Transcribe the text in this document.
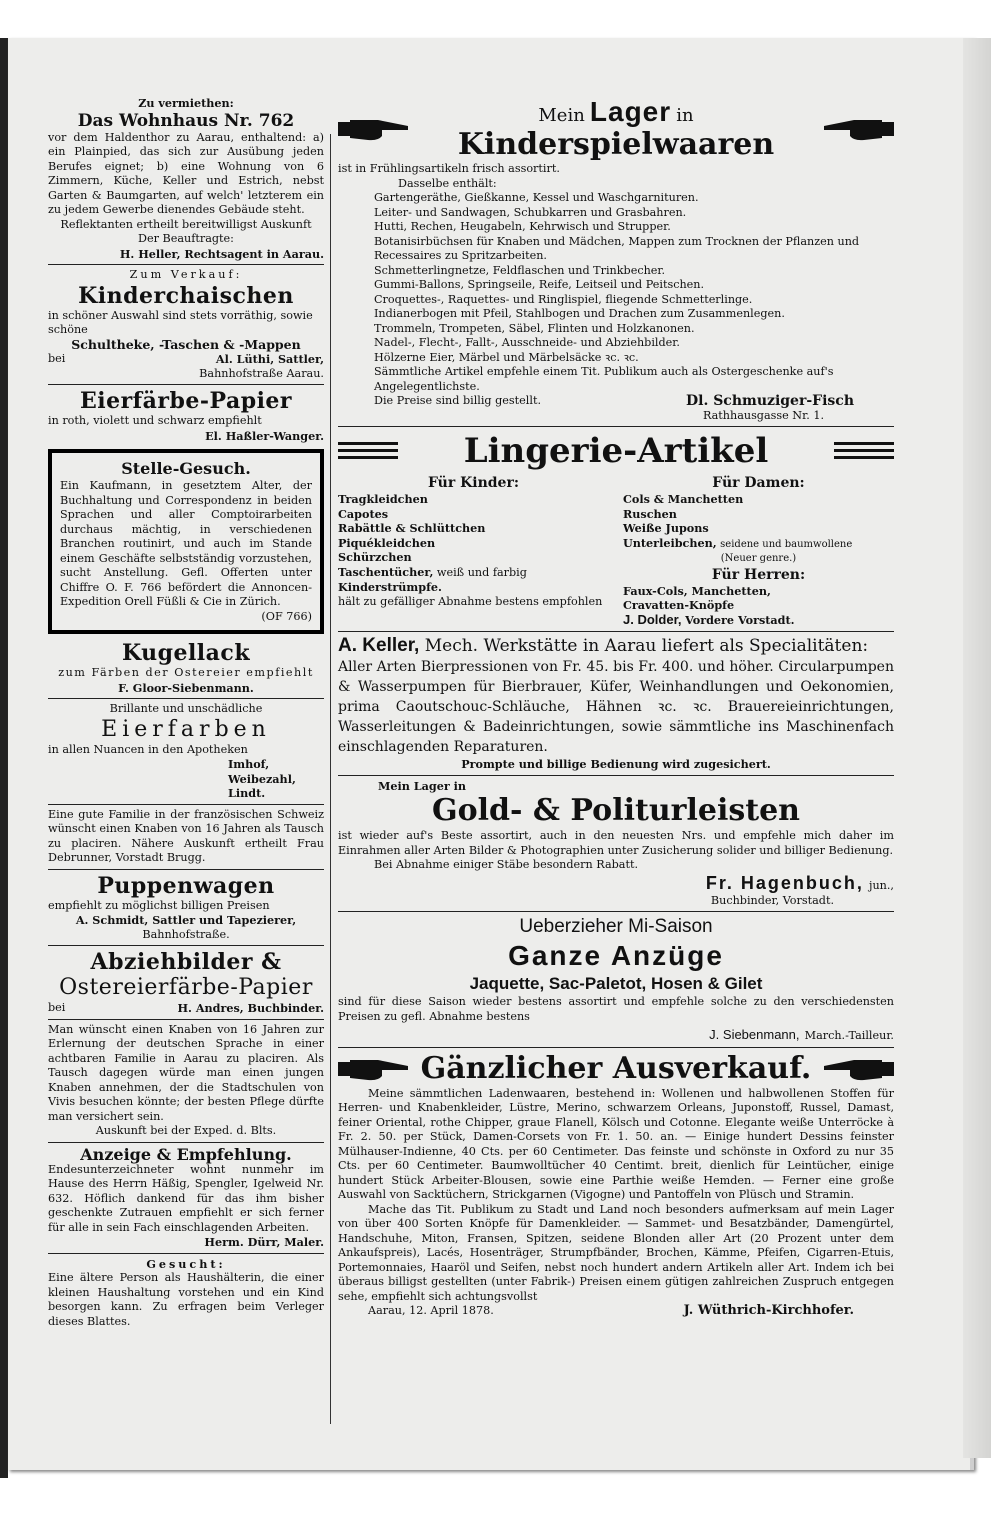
Zu vermiethen:

Das Wohnhaus Nr. 762

vor dem Haldenthor zu Aarau, enthaltend: a) ein Plainpied, das sich zur Ausübung jeden Berufes eignet; b) eine Wohnung von 6 Zimmern, Küche, Keller und Estrich, nebst Garten & Baumgarten, auf welch' letzterem ein zu jedem Gewerbe dienendes Gebäude steht.

Reflektanten ertheilt bereitwilligst Auskunft

Der Beauftragte:

H. Heller, Rechtsagent in Aarau.

Zum Verkauf:

Kinderchaischen

in schöner Auswahl sind stets vorräthig, sowie schöne

Schultheke, -Taschen & -Mappen

bei	Al. Lüthi, Sattler,

Bahnhofstraße Aarau.

Eierfärbe-Papier

in roth, violett und schwarz empfiehlt

El. Haßler-Wanger.

Stelle-Gesuch.

Ein Kaufmann, in gesetztem Alter, der Buchhaltung und Correspondenz in beiden Sprachen und aller Comptoirarbeiten durchaus mächtig, in verschiedenen Branchen routinirt, und auch im Stande einem Geschäfte selbstständig vorzustehen, sucht Anstellung. Gefl. Offerten unter Chiffre O. F. 766 befördert die Annoncen-Expedition Orell Füßli & Cie in Zürich.

(OF 766)

Kugellack

zum Färben der Ostereier empfiehlt

F. Gloor-Siebenmann.

Brillante und unschädliche

Eierfarben

in allen Nuancen in den Apotheken

Imhof,

Weibezahl,

Lindt.

Eine gute Familie in der französischen Schweiz wünscht einen Knaben von 16 Jahren als Tausch zu placiren. Nähere Auskunft ertheilt Frau Debrunner, Vorstadt Brugg.

Puppenwagen

empfiehlt zu möglichst billigen Preisen

A. Schmidt, Sattler und Tapezierer,

Bahnhofstraße.

Abziehbilder &

Ostereierfärbe-Papier

bei	H. Andres, Buchbinder.

Man wünscht einen Knaben von 16 Jahren zur Erlernung der deutschen Sprache in einer achtbaren Familie in Aarau zu placiren. Als Tausch dagegen würde man einen jungen Knaben annehmen, der die Stadtschulen von Vivis besuchen könnte; der besten Pflege dürfte man versichert sein.

Auskunft bei der Exped. d. Blts.

Anzeige & Empfehlung.

Endesunterzeichneter wohnt nunmehr im Hause des Herrn Häßig, Spengler, Igelweid Nr. 632. Höflich dankend für das ihm bisher geschenkte Zutrauen empfiehlt er sich ferner für alle in sein Fach einschlagenden Arbeiten.

Herm. Dürr, Maler.

Gesucht:

Eine ältere Person als Haushälterin, die einer kleinen Haushaltung vorstehen und ein Kind besorgen kann. Zu erfragen beim Verleger dieses Blattes.

Mein Lager in

Kinderspielwaaren

ist in Frühlingsartikeln frisch assortirt.

Dasselbe enthält:

Gartengeräthe, Gießkanne, Kessel und Waschgarnituren.

Leiter- und Sandwagen, Schubkarren und Grasbahren.

Hutti, Rechen, Heugabeln, Kehrwisch und Strupper.

Botanisirbüchsen für Knaben und Mädchen, Mappen zum Trocknen der Pflanzen und Recessaires zu Spritzarbeiten.

Schmetterlingnetze, Feldflaschen und Trinkbecher.

Gummi-Ballons, Springseile, Reife, Leitseil und Peitschen.

Croquettes-, Raquettes- und Ringlispiel, fliegende Schmetterlinge.

Indianerbogen mit Pfeil, Stahlbogen und Drachen zum Zusammenlegen.

Trommeln, Trompeten, Säbel, Flinten und Holzkanonen.

Nadel-, Flecht-, Fallt-, Ausschneide- und Abziehbilder.

Hölzerne Eier, Märbel und Märbelsäcke ꝛc. ꝛc.

Sämmtliche Artikel empfehle einem Tit. Publikum auch als Ostergeschenke auf's Angelegentlichste.

Die Preise sind billig gestellt.	Dl. Schmuziger-Fisch

Rathhausgasse Nr. 1.

Lingerie-Artikel

Für Kinder:

Tragkleidchen

Capotes

Rabättle & Schlüttchen

Piquékleidchen

Schürzchen

Taschentücher, weiß und farbig

Kinderstrümpfe.

hält zu gefälliger Abnahme bestens empfohlen

Für Damen:

Cols & Manchetten

Ruschen

Weiße Jupons

Unterleibchen, seidene und baumwollene

(Neuer genre.)

Für Herren:

Faux-Cols, Manchetten,

Cravatten-Knöpfe

J. Dolder, Vordere Vorstadt.

A. Keller, Mech. Werkstätte in Aarau liefert als Specialitäten:

Aller Arten Bierpressionen von Fr. 45. bis Fr. 400. und höher. Circularpumpen & Wasserpumpen für Bierbrauer, Küfer, Weinhandlungen und Oekonomien, prima Caoutschouc-Schläuche, Hähnen ꝛc. ꝛc. Brauereieinrichtungen, Wasserleitungen & Badeinrichtungen, sowie sämmtliche ins Maschinenfach einschlagenden Reparaturen.

Prompte und billige Bedienung wird zugesichert.

Mein Lager in

Gold- & Politurleisten

ist wieder auf's Beste assortirt, auch in den neuesten Nrs. und empfehle mich daher im Einrahmen aller Arten Bilder & Photographien unter Zusicherung solider und billiger Bedienung.

Bei Abnahme einiger Stäbe besondern Rabatt.

Fr. Hagenbuch, jun.,

Buchbinder, Vorstadt.

Ueberzieher Mi-Saison

Ganze Anzüge

Jaquette, Sac-Paletot, Hosen & Gilet

sind für diese Saison wieder bestens assortirt und empfehle solche zu den verschiedensten Preisen zu gefl. Abnahme bestens

J. Siebenmann, March.-Tailleur.

Gänzlicher Ausverkauf.

Meine sämmtlichen Ladenwaaren, bestehend in: Wollenen und halbwollenen Stoffen für Herren- und Knabenkleider, Lüstre, Merino, schwarzem Orleans, Juponstoff, Russel, Damast, feiner Oriental, rothe Chipper, graue Flanell, Kölsch und Cotonne. Elegante weiße Unterröcke à Fr. 2. 50. per Stück, Damen-Corsets von Fr. 1. 50. an. — Einige hundert Dessins feinster Mülhauser-Indienne, 40 Cts. per 60 Centimeter. Das feinste und schönste in Oxford zu nur 35 Cts. per 60 Centimeter. Baumwolltücher 40 Centimt. breit, dienlich für Leintücher, einige hundert Stück Arbeiter-Blousen, sowie eine Parthie weiße Hemden. — Ferner eine große Auswahl von Sacktüchern, Strickgarnen (Vigogne) und Pantoffeln von Plüsch und Stramin.

Mache das Tit. Publikum zu Stadt und Land noch besonders aufmerksam auf mein Lager von über 400 Sorten Knöpfe für Damenkleider. — Sammet- und Besatzbänder, Damengürtel, Handschuhe, Miton, Fransen, Spitzen, seidene Blonden aller Art (20 Prozent unter dem Ankaufspreis), Lacés, Hosenträger, Strumpfbänder, Brochen, Kämme, Pfeifen, Cigarren-Etuis, Portemonnaies, Haaröl und Seifen, nebst noch hundert andern Artikeln aller Art. Indem ich bei überaus billigst gestellten (unter Fabrik-) Preisen einem gütigen zahlreichen Zuspruch entgegen sehe, empfiehlt sich achtungsvollst

Aarau, 12. April 1878.	J. Wüthrich-Kirchhofer.
